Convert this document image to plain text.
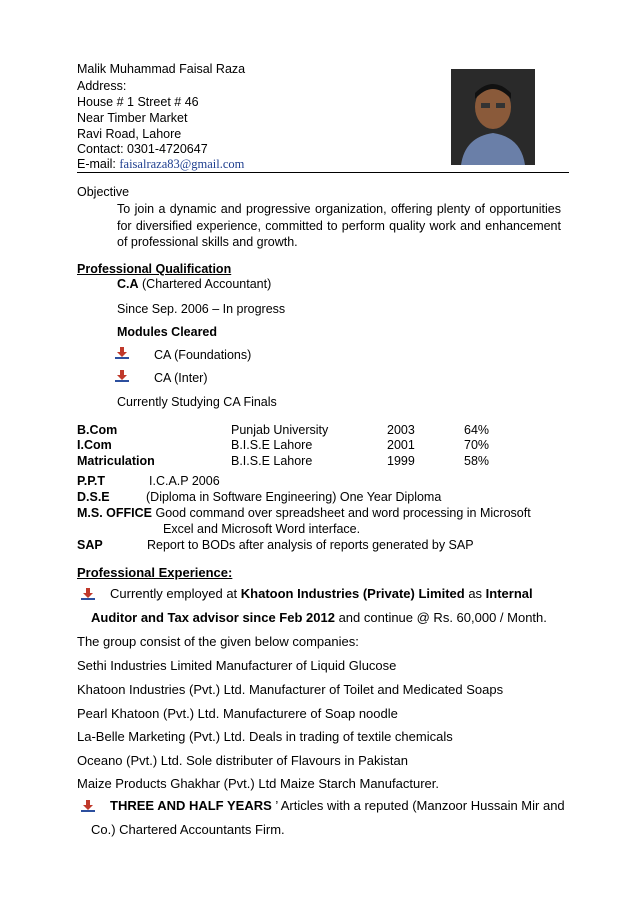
Malik Muhammad Faisal Raza
Address:
House # 1 Street # 46
Near Timber Market
Ravi Road, Lahore
Contact: 0301-4720647
E-mail: faisalraza83@gmail.com
Objective
To join a dynamic and progressive organization, offering plenty of opportunities for diversified experience, committed to perform quality work and enhancement of professional skills and growth.
Professional Qualification
C.A (Chartered Accountant)
Since Sep. 2006 – In progress
Modules Cleared
CA (Foundations)
CA (Inter)
Currently Studying CA Finals
B.Com	Punjab University	2003	64%
I.Com	B.I.S.E Lahore	2001	70%
Matriculation	B.I.S.E Lahore	1999	58%
P.P.T	I.C.A.P 2006
D.S.E	(Diploma in Software Engineering) One Year Diploma
M.S. OFFICE Good command over spreadsheet and word processing in Microsoft
Excel and Microsoft Word interface.
SAP	Report to BODs after analysis of reports generated by SAP
Professional Experience:
Currently employed at Khatoon Industries (Private) Limited as Internal
Auditor and Tax advisor since Feb 2012 and continue @ Rs. 60,000 / Month.
The group consist of the given below companies:
Sethi Industries Limited Manufacturer of Liquid Glucose
Khatoon Industries (Pvt.) Ltd. Manufacturer of Toilet and Medicated Soaps
Pearl Khatoon (Pvt.) Ltd. Manufacturere of Soap noodle
La-Belle Marketing (Pvt.) Ltd. Deals in trading of textile chemicals
Oceano (Pvt.) Ltd. Sole distributer of Flavours in Pakistan
Maize Products Ghakhar (Pvt.) Ltd Maize Starch Manufacturer.
THREE AND HALF YEARS ’ Articles with a reputed (Manzoor Hussain Mir and
Co.) Chartered Accountants Firm.
